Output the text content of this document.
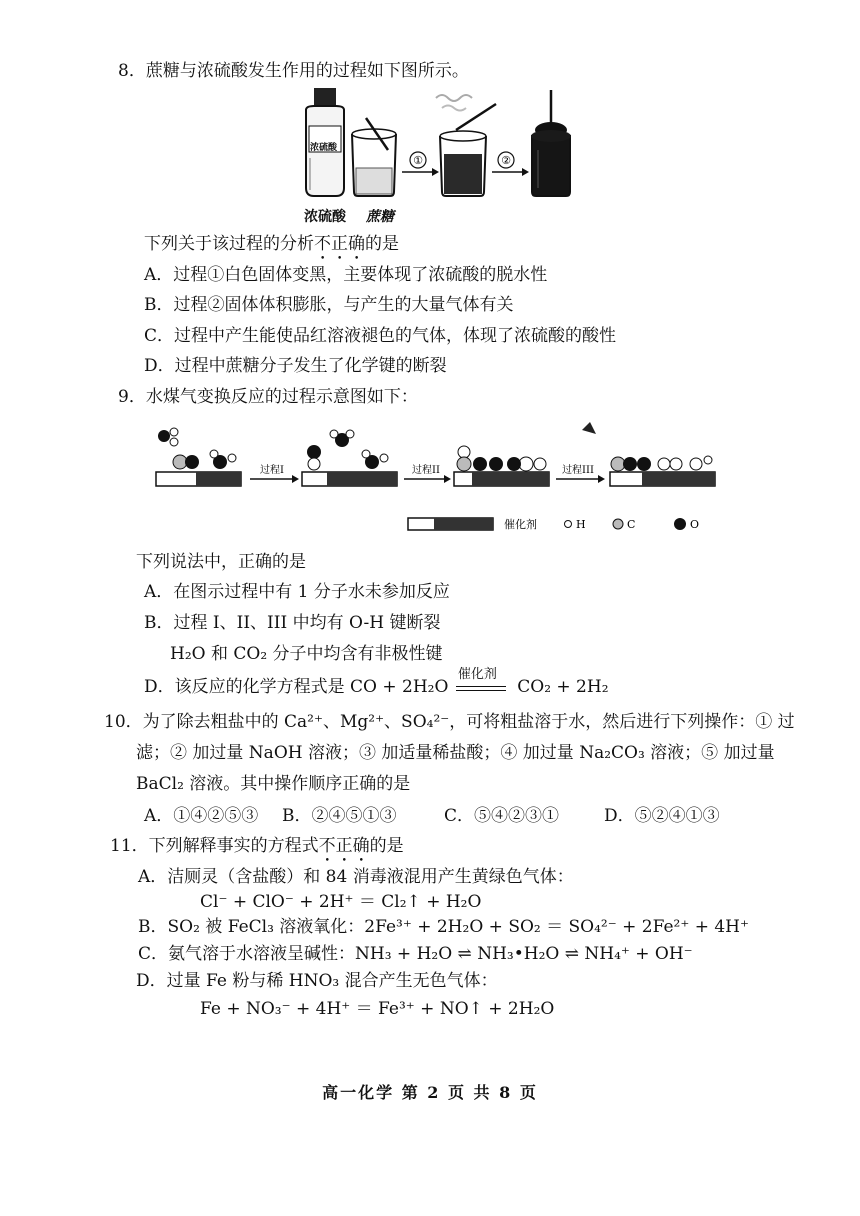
8．蔗糖与浓硫酸发生作用的过程如下图所示。
①	②
浓硫酸
浓硫酸 蔗糖
下列关于该过程的分析不正确的是
A．过程①白色固体变黑，主要体现了浓硫酸的脱水性
B．过程②固体体积膨胀，与产生的大量气体有关
C．过程中产生能使品红溶液褪色的气体，体现了浓硫酸的酸性
D．过程中蔗糖分子发生了化学键的断裂
9．水煤气变换反应的过程示意图如下：
过程I	过程II	过程III
催化剂	H	C	O
下列说法中，正确的是
A．在图示过程中有 1 分子水未参加反应
B．过程 I、II、III 中均有 O-H 键断裂
H₂O 和 CO₂ 分子中均含有非极性键
D．该反应的化学方程式是 CO + 2H₂O
催化剂
CO₂ + 2H₂
10．为了除去粗盐中的 Ca²⁺、Mg²⁺、SO₄²⁻，可将粗盐溶于水，然后进行下列操作：① 过
滤；② 加过量 NaOH 溶液；③ 加适量稀盐酸；④ 加过量 Na₂CO₃ 溶液；⑤ 加过量
BaCl₂ 溶液。其中操作顺序正确的是
A．①④②⑤③ B．②④⑤①③	C．⑤④②③①	D．⑤②④①③
11．下列解释事实的方程式不正确的是
A．洁厕灵（含盐酸）和 84 消毒液混用产生黄绿色气体：
Cl⁻ + ClO⁻ + 2H⁺ ＝ Cl₂↑ + H₂O
B．SO₂ 被 FeCl₃ 溶液氧化：2Fe³⁺ + 2H₂O + SO₂ ＝ SO₄²⁻ + 2Fe²⁺ + 4H⁺
C．氨气溶于水溶液呈碱性：NH₃ + H₂O ⇌ NH₃•H₂O ⇌ NH₄⁺ + OH⁻
D．过量 Fe 粉与稀 HNO₃ 混合产生无色气体：
Fe + NO₃⁻ + 4H⁺ ＝ Fe³⁺ + NO↑ + 2H₂O
高一化学 第 2 页 共 8 页
